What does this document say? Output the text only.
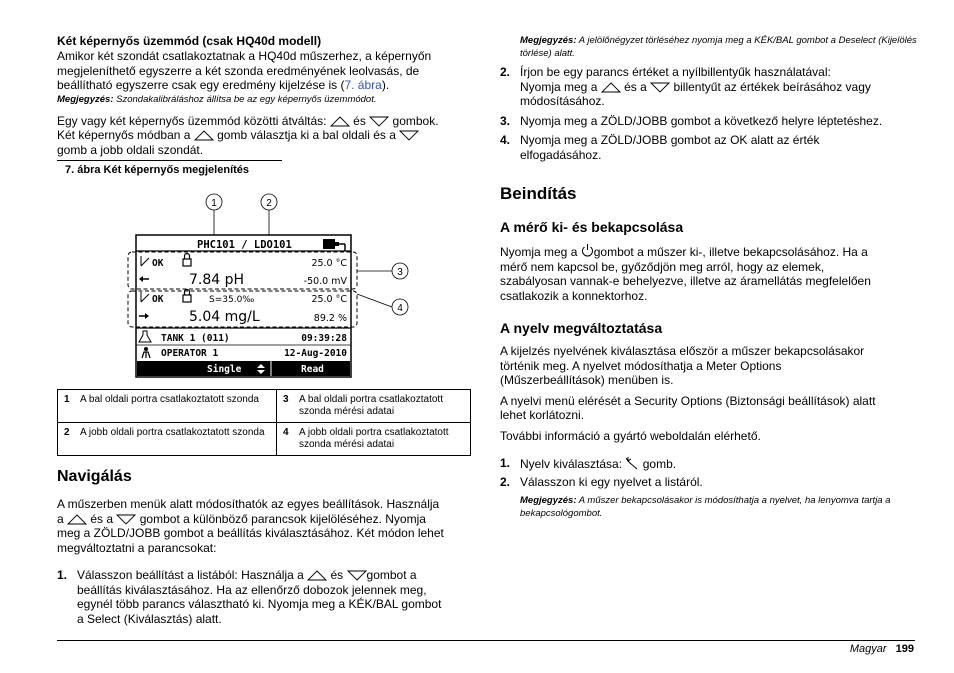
Két képernyős üzemmód (csak HQ40d modell)

Amikor két szondát csatlakoztatnak a HQ40d műszerhez, a képernyőn
megjeleníthető egyszerre a két szonda eredményének leolvasás, de
beállítható egyszerre csak egy eredmény kijelzése is (7. ábra).

Megjegyzés: Szondakalibráláshoz állítsa be az egy képernyős üzemmódot.

Egy vagy két képernyős üzemmód közötti átváltás: és gombok.
Két képernyős módban a gomb választja ki a bal oldali és a
gomb a jobb oldali szondát.

7. ábra Két képernyős megjelenítés
1	2
3
4
PHC101 / LDO101
OK	25.0 °C
7.84 pH	-50.0 mV
OK	S=35.0‰	25.0 °C
5.04 mg/L	89.2 %
TANK 1 (011)	09:39:28
OPERATOR 1	12-Aug-2010
Single	Read
1	A bal oldali portra csatlakoztatott szonda	3	A bal oldali portra csatlakoztatott szonda mérési adatai
2	A jobb oldali portra csatlakoztatott szonda	4	A jobb oldali portra csatlakoztatott szonda mérési adatai

Navigálás

A műszerben menük alatt módosíthatók az egyes beállítások. Használja
a és a gombot a különböző parancsok kijelöléséhez. Nyomja
meg a ZÖLD/JOBB gombot a beállítás kiválasztásához. Két módon lehet
megváltoztatni a parancsokat:

1. Válasszon beállítást a listából: Használja a és gombot a
beállítás kiválasztásához. Ha az ellenőrző dobozok jelennek meg,
egynél több parancs választható ki. Nyomja meg a KÉK/BAL gombot
a Select (Kiválasztás) alatt.

Megjegyzés: A jelölőnégyzet törléséhez nyomja meg a KÉK/BAL gombot a Deselect (Kijelölés törlése) alatt.

2. Írjon be egy parancs értéket a nyílbillentyűk használatával:
Nyomja meg a és a billentyűt az értékek beírásához vagy
módosításához.
3. Nyomja meg a ZÖLD/JOBB gombot a következő helyre léptetéshez.
4. Nyomja meg a ZÖLD/JOBB gombot az OK alatt az érték
elfogadásához.

Beindítás

A mérő ki- és bekapcsolása

Nyomja meg a gombot a műszer ki-, illetve bekapcsolásához. Ha a
mérő nem kapcsol be, győződjön meg arról, hogy az elemek,
szabályosan vannak-e behelyezve, illetve az áramellátás megfelelően
csatlakozik a konnektorhoz.

A nyelv megváltoztatása

A kijelzés nyelvének kiválasztása először a műszer bekapcsolásakor
történik meg. A nyelvet módosíthatja a Meter Options
(Műszerbeállítások) menüben is.

A nyelvi menü elérését a Security Options (Biztonsági beállítások) alatt
lehet korlátozni.

További információ a gyártó weboldalán elérhető.

1. Nyelv kiválasztása: gomb.
2. Válasszon ki egy nyelvet a listáról.

Megjegyzés: A műszer bekapcsolásakor is módosíthatja a nyelvet, ha lenyomva tartja a bekapcsológombot.

Magyar 199
